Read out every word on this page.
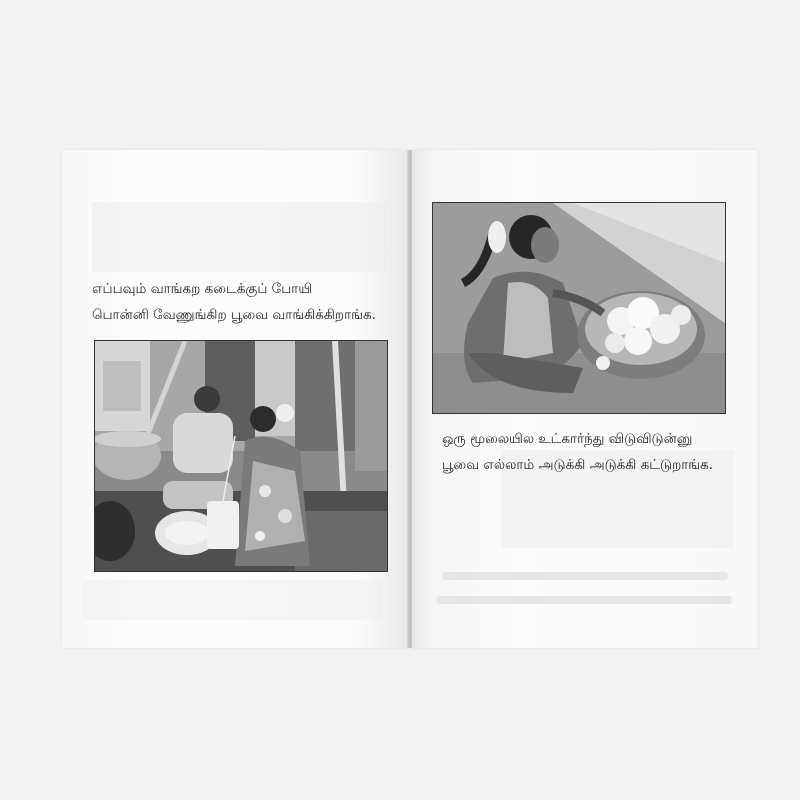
எப்பவும் வாங்கற கடைக்குப் போயி
பொன்னி வேணுங்கிற பூவை வாங்கிக்கிறாங்க.
ஒரு மூலையில உட்கார்ந்து விடுவிடுன்னு
பூவை எல்லாம் அடுக்கி அடுக்கி கட்டுறாங்க.
